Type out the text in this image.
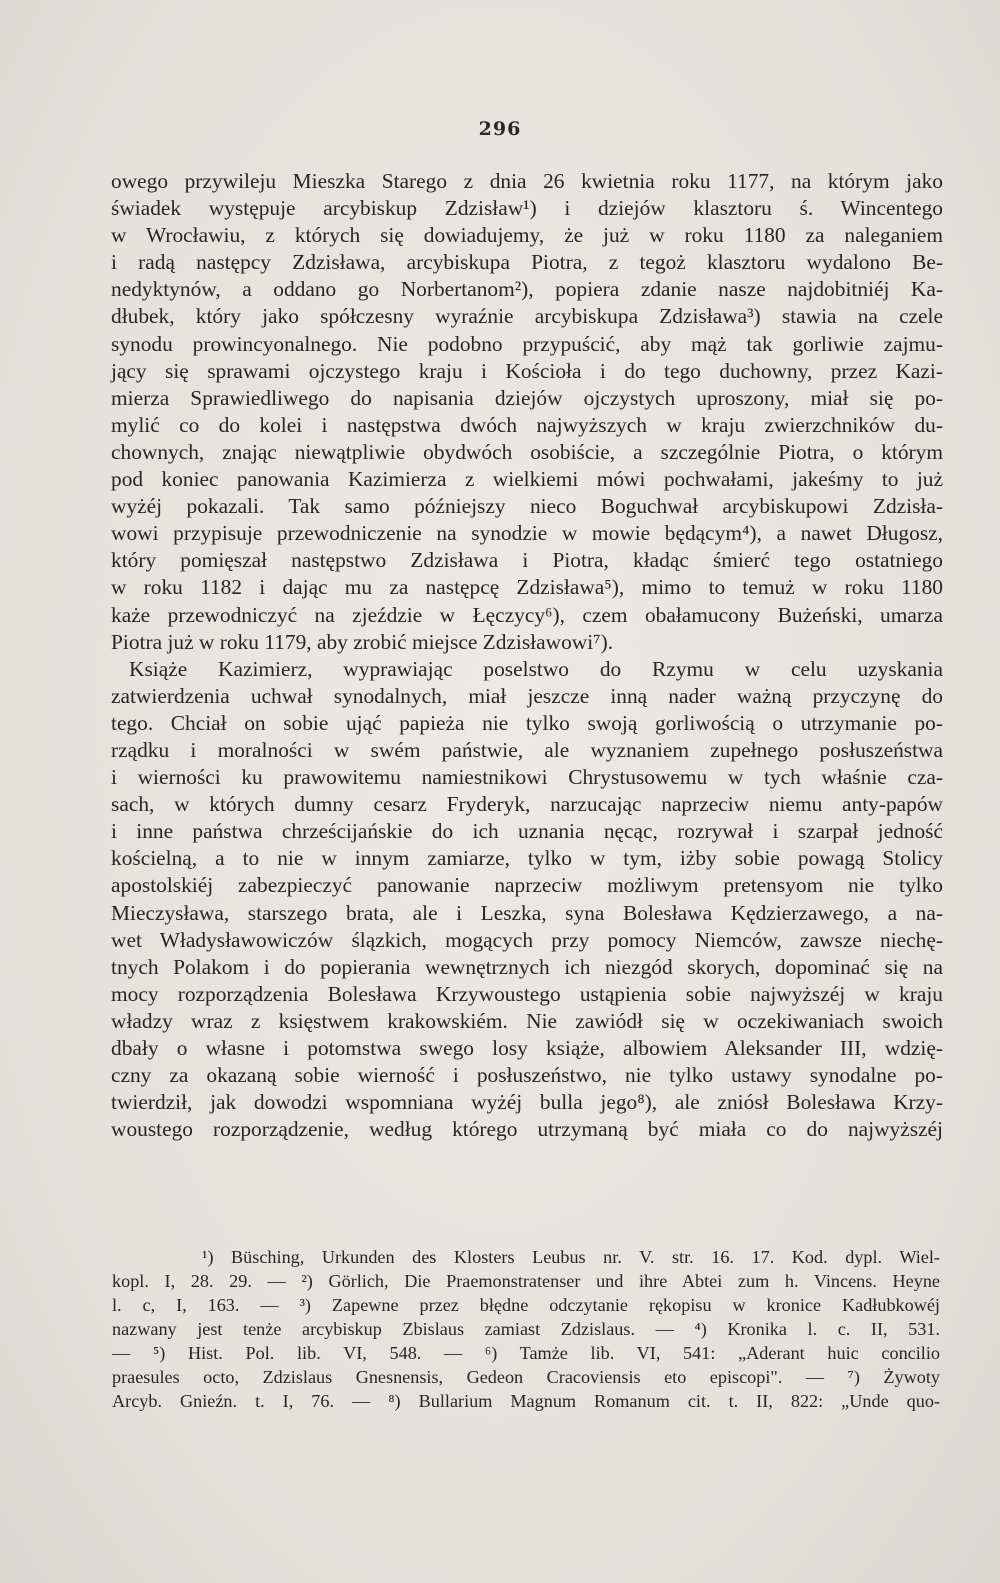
296
owego przywileju Mieszka Starego z dnia 26 kwietnia roku 1177, na którym jako
świadek występuje arcybiskup Zdzisław¹) i dziejów klasztoru ś. Wincentego
w Wrocławiu, z których się dowiadujemy, że już w roku 1180 za naleganiem
i radą następcy Zdzisława, arcybiskupa Piotra, z tegoż klasztoru wydalono Be-
nedyktynów, a oddano go Norbertanom²), popiera zdanie nasze najdobitniéj Ka-
dłubek, który jako spółczesny wyraźnie arcybiskupa Zdzisława³) stawia na czele
synodu prowincyonalnego. Nie podobno przypuścić, aby mąż tak gorliwie zajmu-
jący się sprawami ojczystego kraju i Kościoła i do tego duchowny, przez Kazi-
mierza Sprawiedliwego do napisania dziejów ojczystych uproszony, miał się po-
mylić co do kolei i następstwa dwóch najwyższych w kraju zwierzchników du-
chownych, znając niewątpliwie obydwóch osobiście, a szczególnie Piotra, o którym
pod koniec panowania Kazimierza z wielkiemi mówi pochwałami, jakeśmy to już
wyżéj pokazali. Tak samo późniejszy nieco Boguchwał arcybiskupowi Zdzisła-
wowi przypisuje przewodniczenie na synodzie w mowie będącym⁴), a nawet Długosz,
który pomięszał następstwo Zdzisława i Piotra, kładąc śmierć tego ostatniego
w roku 1182 i dając mu za następcę Zdzisława⁵), mimo to temuż w roku 1180
każe przewodniczyć na zjeździe w Łęczycy⁶), czem obałamucony Bużeński, umarza
Piotra już w roku 1179, aby zrobić miejsce Zdzisławowi⁷).
Książe Kazimierz, wyprawiając poselstwo do Rzymu w celu uzyskania
zatwierdzenia uchwał synodalnych, miał jeszcze inną nader ważną przyczynę do
tego. Chciał on sobie ująć papieża nie tylko swoją gorliwością o utrzymanie po-
rządku i moralności w swém państwie, ale wyznaniem zupełnego posłuszeństwa
i wierności ku prawowitemu namiestnikowi Chrystusowemu w tych właśnie cza-
sach, w których dumny cesarz Fryderyk, narzucając naprzeciw niemu anty-papów
i inne państwa chrześcijańskie do ich uznania nęcąc, rozrywał i szarpał jedność
kościelną, a to nie w innym zamiarze, tylko w tym, iżby sobie powagą Stolicy
apostolskiéj zabezpieczyć panowanie naprzeciw możliwym pretensyom nie tylko
Mieczysława, starszego brata, ale i Leszka, syna Bolesława Kędzierzawego, a na-
wet Władysławowiczów ślązkich, mogących przy pomocy Niemców, zawsze niechę-
tnych Polakom i do popierania wewnętrznych ich niezgód skorych, dopominać się na
mocy rozporządzenia Bolesława Krzywoustego ustąpienia sobie najwyższéj w kraju
władzy wraz z księstwem krakowskiém. Nie zawiódł się w oczekiwaniach swoich
dbały o własne i potomstwa swego losy książe, albowiem Aleksander III, wdzię-
czny za okazaną sobie wierność i posłuszeństwo, nie tylko ustawy synodalne po-
twierdził, jak dowodzi wspomniana wyżéj bulla jego⁸), ale zniósł Bolesława Krzy-
woustego rozporządzenie, według którego utrzymaną być miała co do najwyższéj
¹) Büsching, Urkunden des Klosters Leubus nr. V. str. 16. 17. Kod. dypl. Wiel-
kopl. I, 28. 29. — ²) Görlich, Die Praemonstratenser und ihre Abtei zum h. Vincens. Heyne
l. c, I, 163. — ³) Zapewne przez błędne odczytanie rękopisu w kronice Kadłubkowéj
nazwany jest tenże arcybiskup Zbislaus zamiast Zdzislaus. — ⁴) Kronika l. c. II, 531.
— ⁵) Hist. Pol. lib. VI, 548. — ⁶) Tamże lib. VI, 541: „Aderant huic concilio
praesules octo, Zdzislaus Gnesnensis, Gedeon Cracoviensis eto episcopi". — ⁷) Żywoty
Arcyb. Gnieźn. t. I, 76. — ⁸) Bullarium Magnum Romanum cit. t. II, 822: „Unde quo-
